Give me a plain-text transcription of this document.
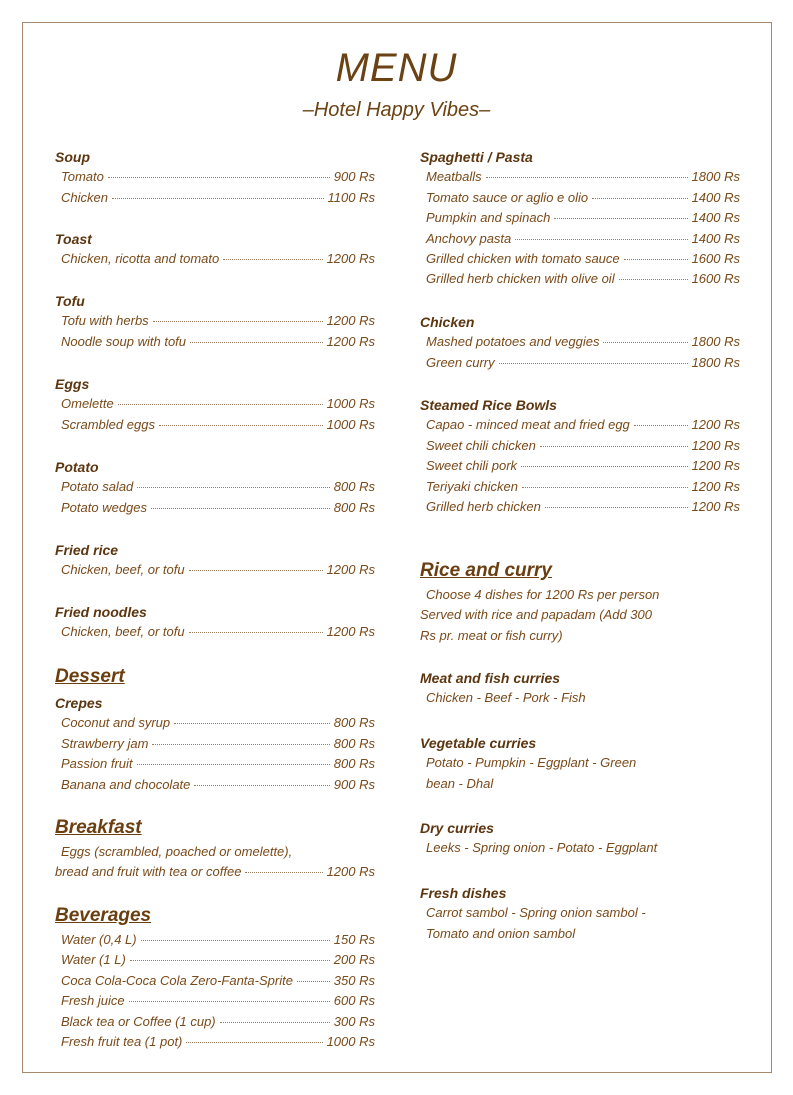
MENU
–Hotel Happy Vibes–
Soup
Tomato	900 Rs
Chicken	1100 Rs
Toast
Chicken, ricotta and tomato	1200 Rs
Tofu
Tofu with herbs	1200 Rs
Noodle soup with tofu	1200 Rs
Eggs
Omelette	1000 Rs
Scrambled eggs	1000 Rs
Potato
Potato salad	800 Rs
Potato wedges	800 Rs
Fried rice
Chicken, beef, or tofu	1200 Rs
Fried noodles
Chicken, beef, or tofu	1200 Rs
Dessert
Crepes
Coconut and syrup	800 Rs
Strawberry jam	800 Rs
Passion fruit	800 Rs
Banana and chocolate	900 Rs
Breakfast
Eggs (scrambled, poached or omelette),
bread and fruit with tea or coffee	1200 Rs
Beverages
Water (0,4 L)	150 Rs
Water (1 L)	200 Rs
Coca Cola-Coca Cola Zero-Fanta-Sprite	350 Rs
Fresh juice	600 Rs
Black tea or Coffee (1 cup)	300 Rs
Fresh fruit tea (1 pot)	1000 Rs
Spaghetti / Pasta
Meatballs	1800 Rs
Tomato sauce or aglio e olio	1400 Rs
Pumpkin and spinach	1400 Rs
Anchovy pasta	1400 Rs
Grilled chicken with tomato sauce	1600 Rs
Grilled herb chicken with olive oil	1600 Rs
Chicken
Mashed potatoes and veggies	1800 Rs
Green curry	1800 Rs
Steamed Rice Bowls
Capao - minced meat and fried egg	1200 Rs
Sweet chili chicken	1200 Rs
Sweet chili pork	1200 Rs
Teriyaki chicken	1200 Rs
Grilled herb chicken	1200 Rs
Rice and curry
Choose 4 dishes for 1200 Rs per person
Served with rice and papadam (Add 300
Rs pr. meat or fish curry)
Meat and fish curries
Chicken - Beef - Pork - Fish
Vegetable curries
Potato - Pumpkin - Eggplant - Green
bean - Dhal
Dry curries
Leeks - Spring onion - Potato - Eggplant
Fresh dishes
Carrot sambol - Spring onion sambol -
Tomato and onion sambol
